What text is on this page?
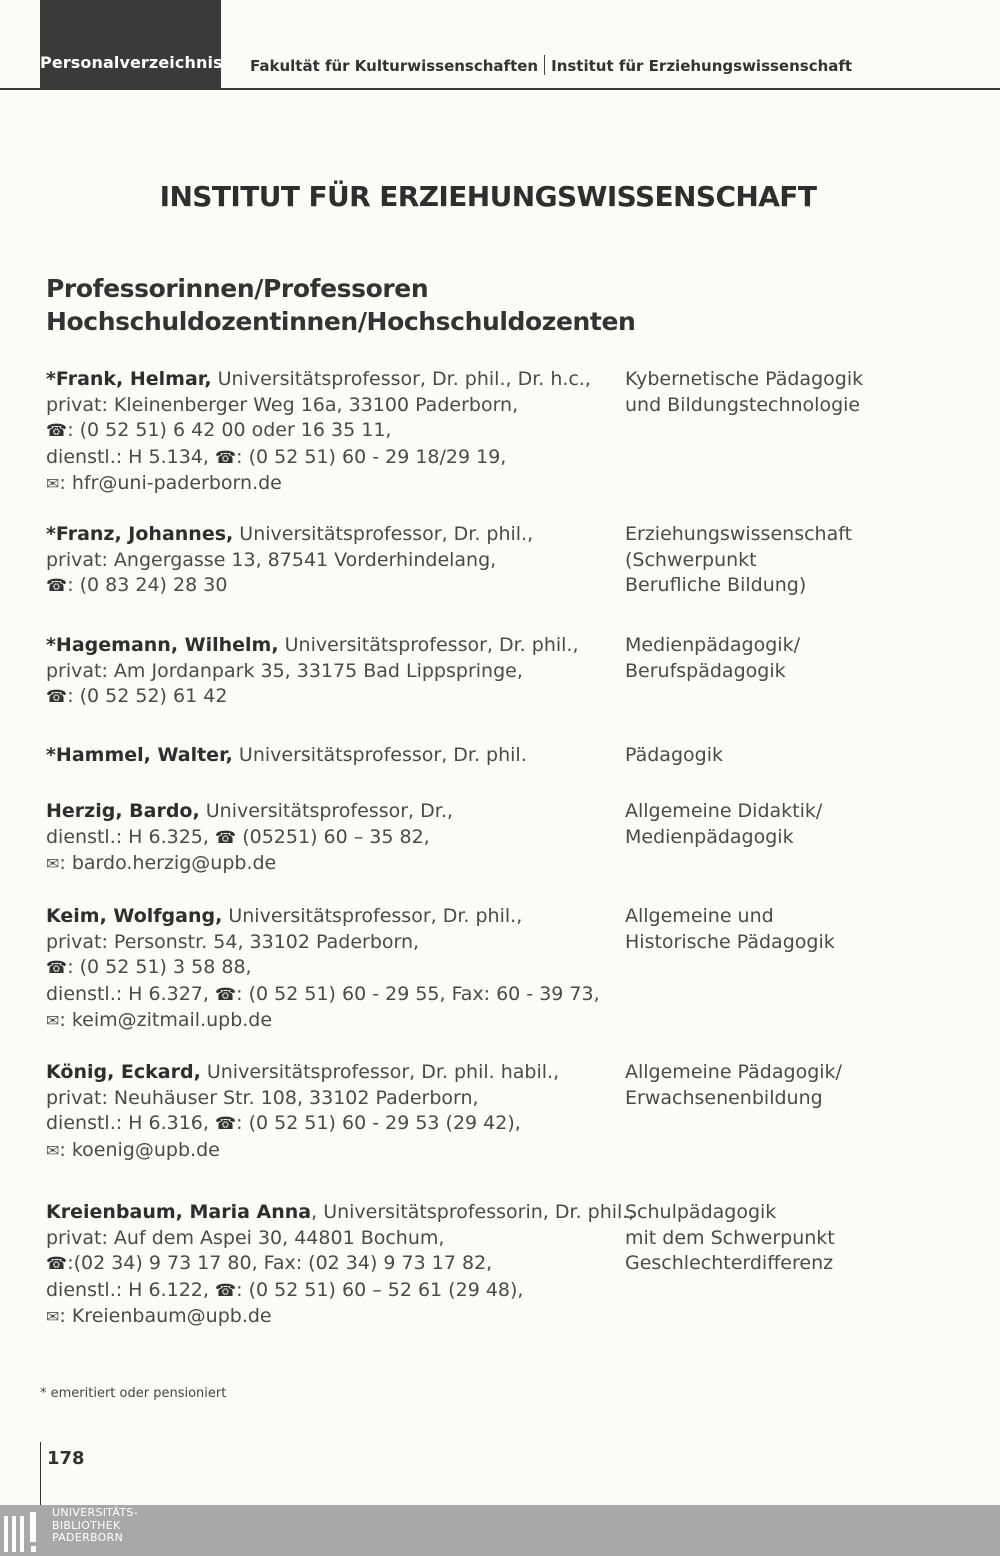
Personalverzeichnis Fakultät für Kulturwissenschaften Institut für Erziehungswissenschaft
INSTITUT FÜR ERZIEHUNGSWISSENSCHAFT
Professorinnen/Professoren
Hochschuldozentinnen/Hochschuldozenten
*Frank, Helmar, Universitätsprofessor, Dr. phil., Dr. h.c.,
privat: Kleinenberger Weg 16a, 33100 Paderborn,
☎: (0 52 51) 6 42 00 oder 16 35 11,
dienstl.: H 5.134, ☎: (0 52 51) 60 - 29 18/29 19,
✉: hfr@uni-paderborn.de
Kybernetische Pädagogik
und Bildungstechnologie
*Franz, Johannes, Universitätsprofessor, Dr. phil.,
privat: Angergasse 13, 87541 Vorderhindelang,
☎: (0 83 24) 28 30
Erziehungswissenschaft
(Schwerpunkt
Berufliche Bildung)
*Hagemann, Wilhelm, Universitätsprofessor, Dr. phil.,
privat: Am Jordanpark 35, 33175 Bad Lippspringe,
☎: (0 52 52) 61 42
Medienpädagogik/
Berufspädagogik
*Hammel, Walter, Universitätsprofessor, Dr. phil.	Pädagogik
Herzig, Bardo, Universitätsprofessor, Dr.,
dienstl.: H 6.325, ☎ (05251) 60 – 35 82,
✉: bardo.herzig@upb.de
Allgemeine Didaktik/
Medienpädagogik
Keim, Wolfgang, Universitätsprofessor, Dr. phil.,
privat: Personstr. 54, 33102 Paderborn,
☎: (0 52 51) 3 58 88,
dienstl.: H 6.327, ☎: (0 52 51) 60 - 29 55, Fax: 60 - 39 73,
✉: keim@zitmail.upb.de
Allgemeine und
Historische Pädagogik
König, Eckard, Universitätsprofessor, Dr. phil. habil.,
privat: Neuhäuser Str. 108, 33102 Paderborn,
dienstl.: H 6.316, ☎: (0 52 51) 60 - 29 53 (29 42),
✉: koenig@upb.de
Allgemeine Pädagogik/
Erwachsenenbildung
Kreienbaum, Maria Anna, Universitätsprofessorin, Dr. phil.,
privat: Auf dem Aspei 30, 44801 Bochum,
☎:(02 34) 9 73 17 80, Fax: (02 34) 9 73 17 82,
dienstl.: H 6.122, ☎: (0 52 51) 60 – 52 61 (29 48),
✉: Kreienbaum@upb.de
Schulpädagogik
mit dem Schwerpunkt
Geschlechterdifferenz
* emeritiert oder pensioniert
178
UNIVERSITÄTS-
BIBLIOTHEK
PADERBORN
